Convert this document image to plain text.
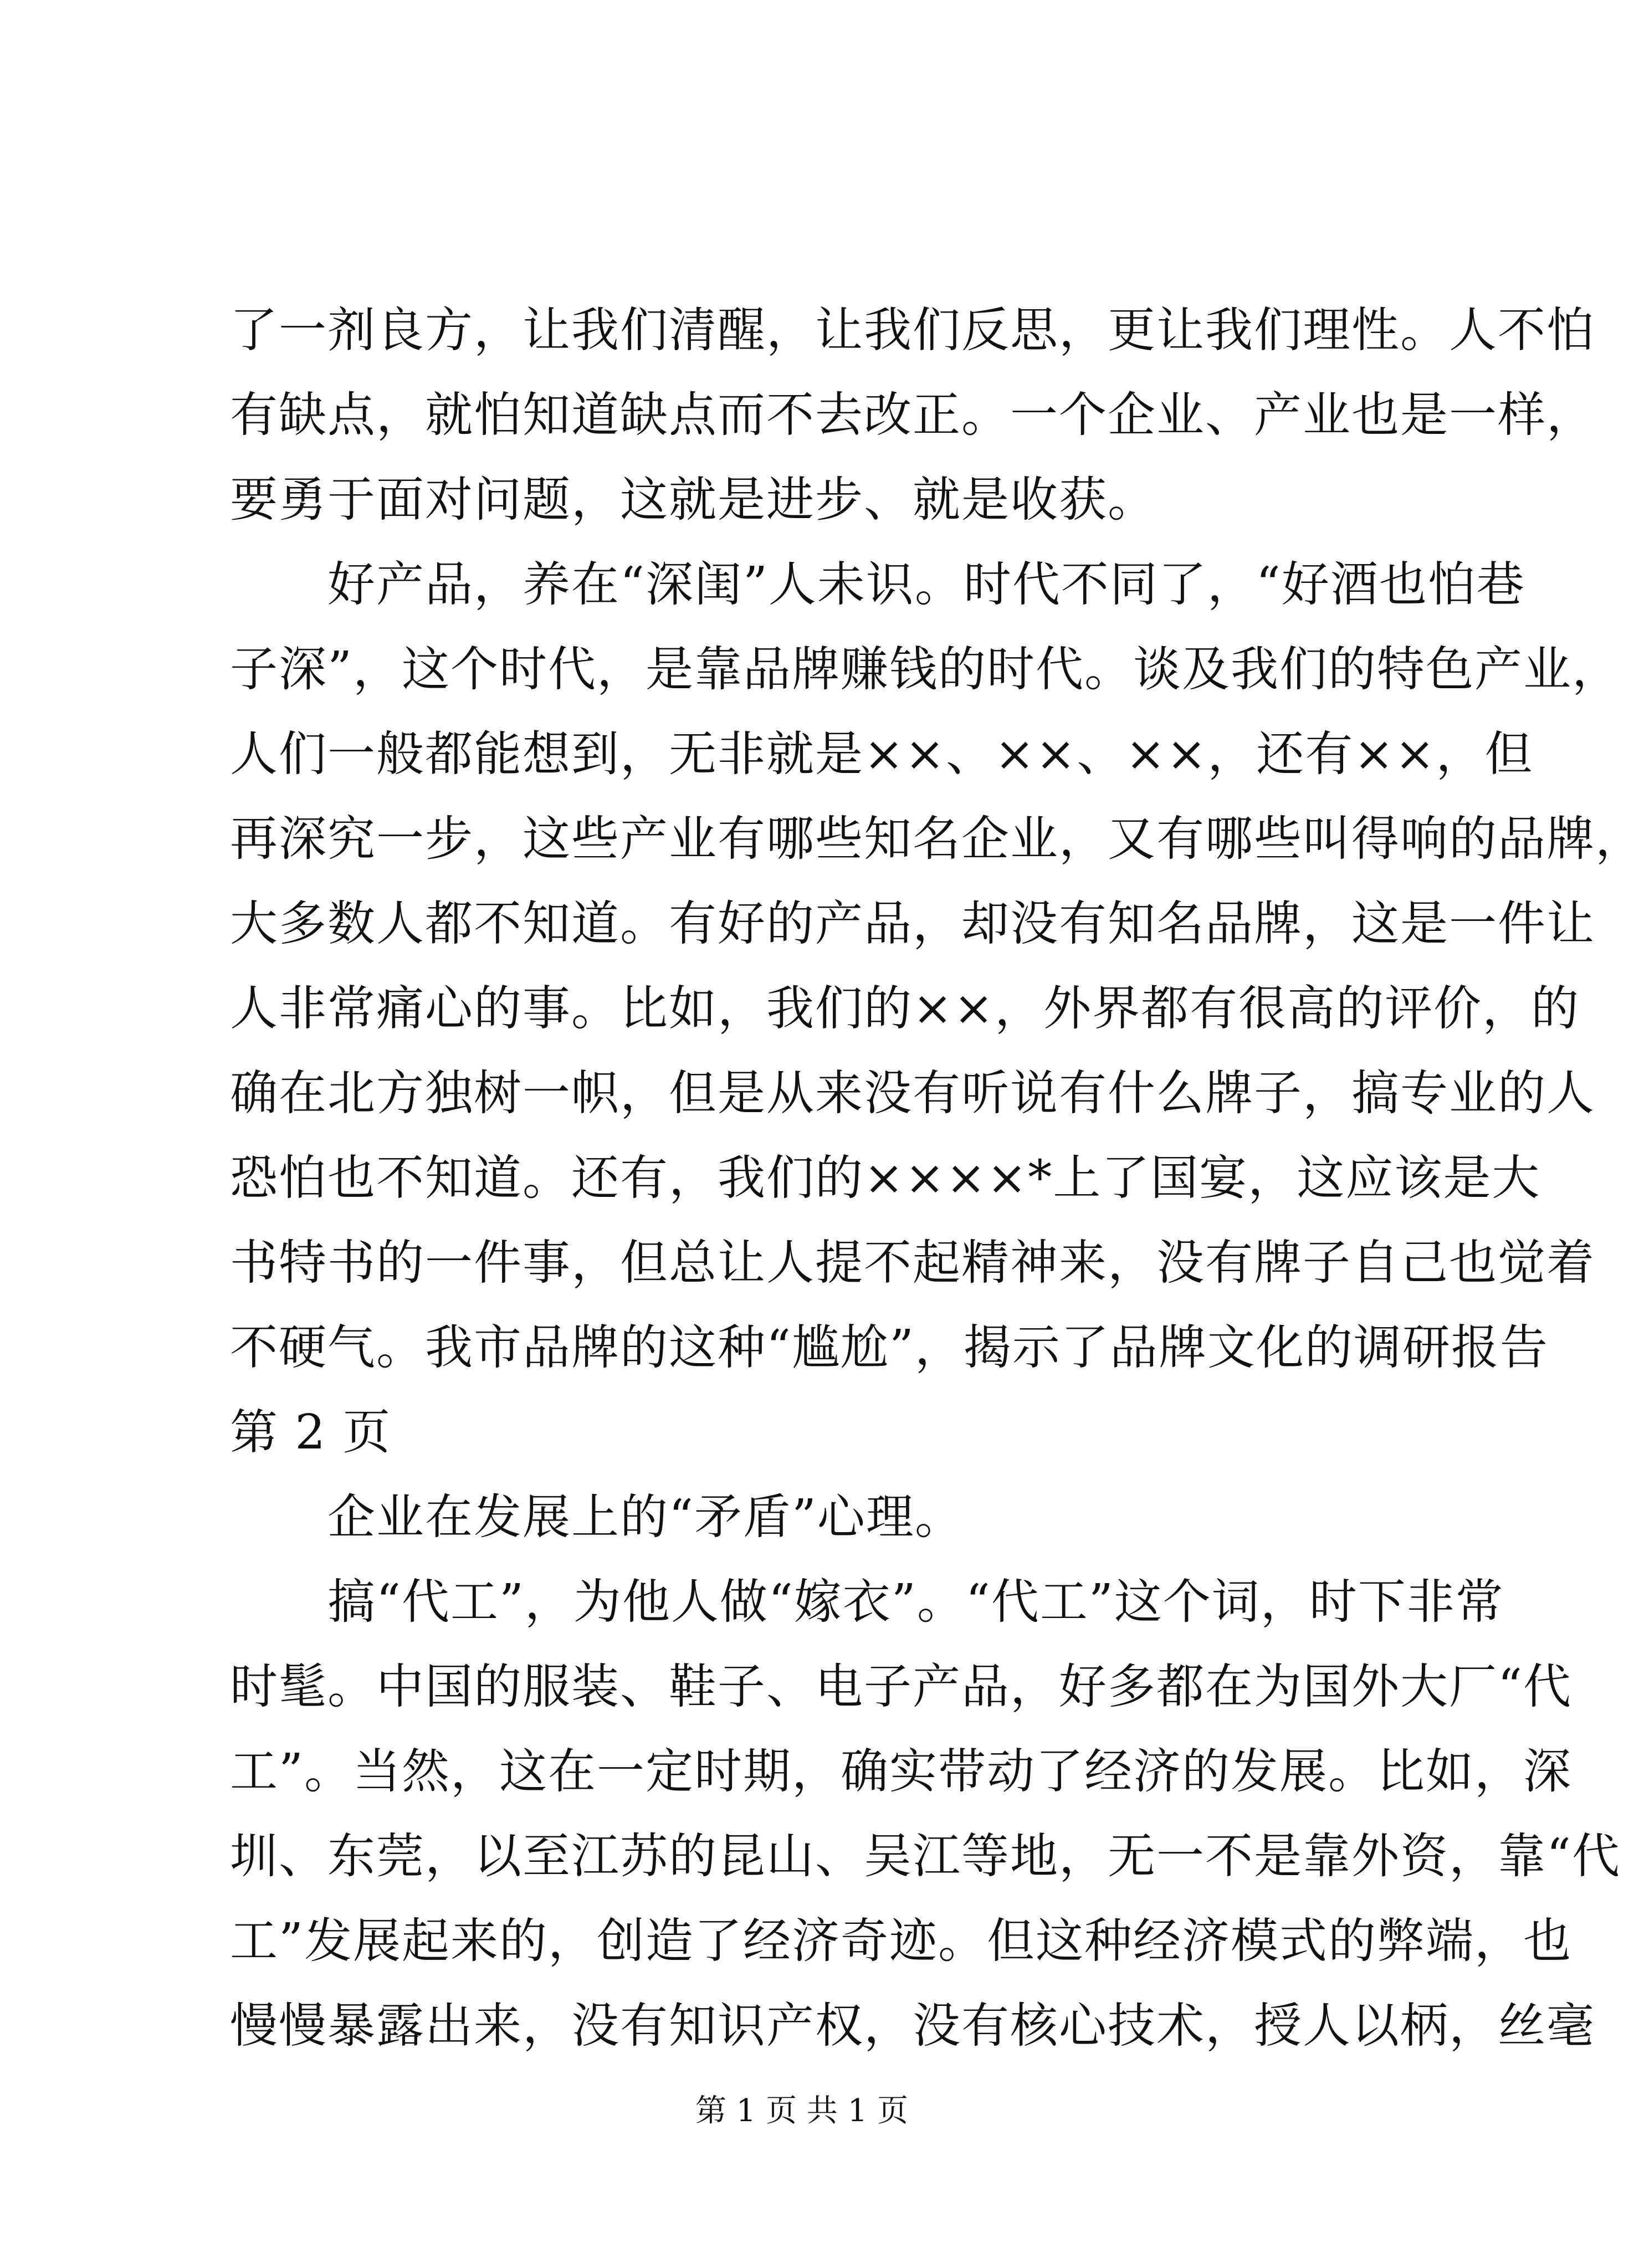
了一剂良方，让我们清醒，让我们反思，更让我们理性。人不怕
有缺点，就怕知道缺点而不去改正。一个企业、产业也是一样，
要勇于面对问题，这就是进步、就是收获。
好产品，养在“深闺”人未识。时代不同了，“好酒也怕巷
子深”，这个时代，是靠品牌赚钱的时代。谈及我们的特色产业，
人们一般都能想到，无非就是××、××、××，还有××，但
再深究一步，这些产业有哪些知名企业，又有哪些叫得响的品牌，
大多数人都不知道。有好的产品，却没有知名品牌，这是一件让
人非常痛心的事。比如，我们的××，外界都有很高的评价，的
确在北方独树一帜，但是从来没有听说有什么牌子，搞专业的人
恐怕也不知道。还有，我们的××××*上了国宴，这应该是大
书特书的一件事，但总让人提不起精神来，没有牌子自己也觉着
不硬气。我市品牌的这种“尴尬”，揭示了品牌文化的调研报告
第 2 页
企业在发展上的“矛盾”心理。
搞“代工”，为他人做“嫁衣”。“代工”这个词，时下非常
时髦。中国的服装、鞋子、电子产品，好多都在为国外大厂“代
工”。当然，这在一定时期，确实带动了经济的发展。比如，深
圳、东莞，以至江苏的昆山、吴江等地，无一不是靠外资，靠“代
工”发展起来的，创造了经济奇迹。但这种经济模式的弊端，也
慢慢暴露出来，没有知识产权，没有核心技术，授人以柄，丝毫
第 1 页 共 1 页
